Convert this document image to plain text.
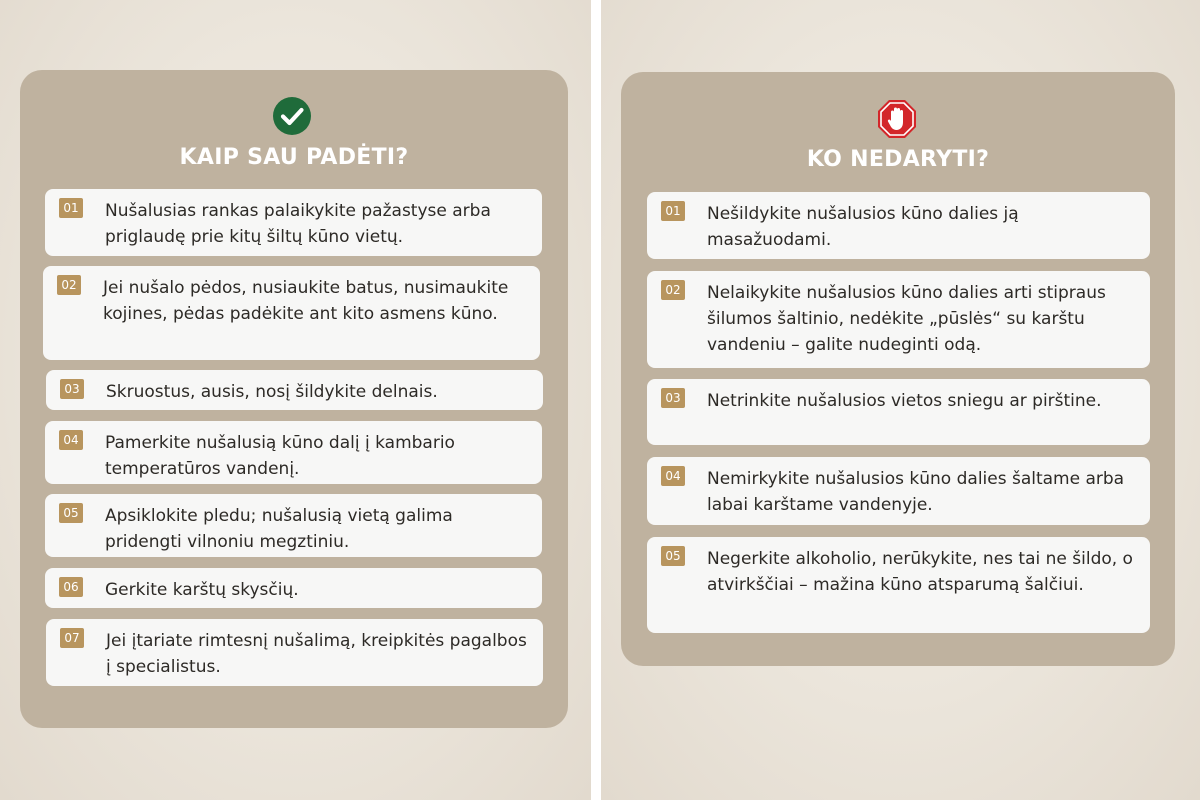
KAIP SAU PADĖTI?
01 Nušalusias rankas palaikykite pažastyse arba priglaudę prie kitų šiltų kūno vietų.
02 Jei nušalo pėdos, nusiaukite batus, nusimaukite kojines, pėdas padėkite ant kito asmens kūno.
03 Skruostus, ausis, nosį šildykite delnais.
04 Pamerkite nušalusią kūno dalį į kambario temperatūros vandenį.
05 Apsiklokite pledu; nušalusią vietą galima pridengti vilnoniu megztiniu.
06 Gerkite karštų skysčių.
07 Jei įtariate rimtesnį nušalimą, kreipkitės pagalbos į specialistus.
KO NEDARYTI?
01 Nešildykite nušalusios kūno dalies ją masažuodami.
02 Nelaikykite nušalusios kūno dalies arti stipraus šilumos šaltinio, nedėkite „pūslės“ su karštu vandeniu – galite nudeginti odą.
03 Netrinkite nušalusios vietos sniegu ar pirštine.
04 Nemirkykite nušalusios kūno dalies šaltame arba labai karštame vandenyje.
05 Negerkite alkoholio, nerūkykite, nes tai ne šildo, o atvirkščiai – mažina kūno atsparumą šalčiui.
